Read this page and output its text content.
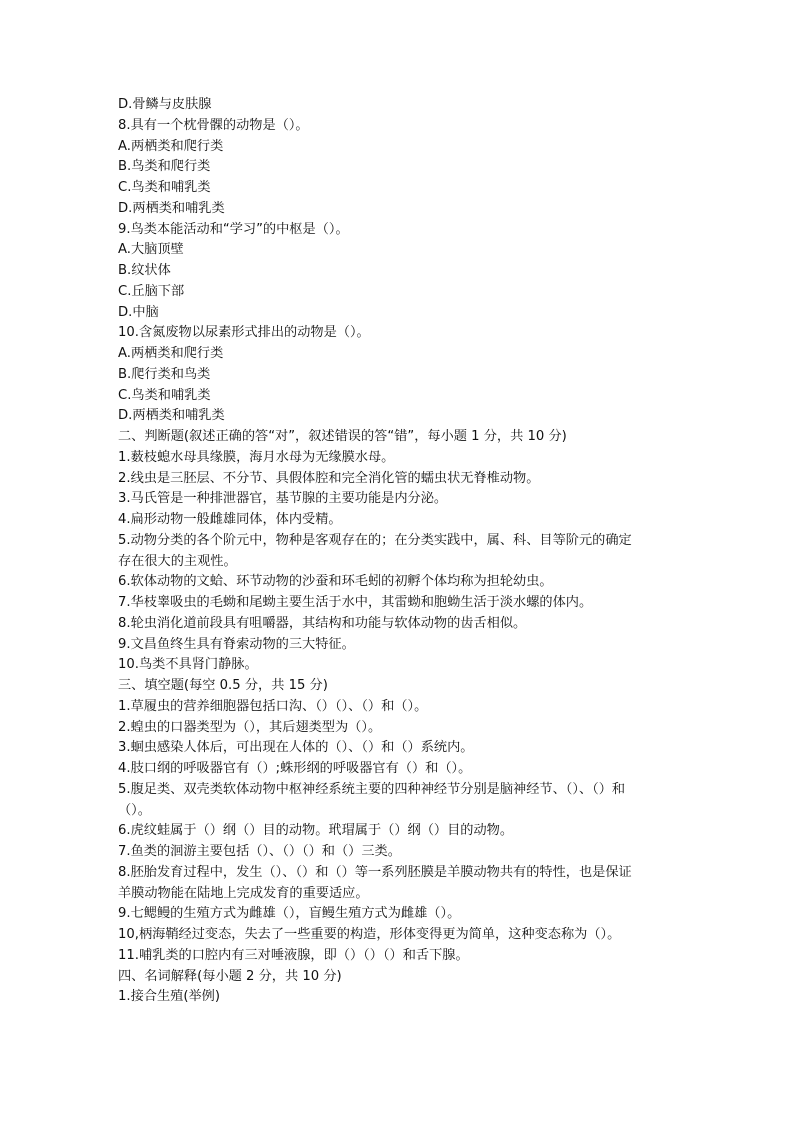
D.骨鳞与皮肤腺

8.具有一个枕骨髁的动物是（）。

A.两栖类和爬行类

B.鸟类和爬行类

C.鸟类和哺乳类

D.两栖类和哺乳类

9.鸟类本能活动和“学习”的中枢是（）。

A.大脑顶壁

B.纹状体

C.丘脑下部

D.中脑

10.含氮废物以尿素形式排出的动物是（）。

A.两栖类和爬行类

B.爬行类和鸟类

C.鸟类和哺乳类

D.两栖类和哺乳类

二、判断题(叙述正确的答“对”，叙述错误的答“错”，每小题 1 分，共 10 分)

1.薮枝螅水母具缘膜，海月水母为无缘膜水母。

2.线虫是三胚层、不分节、具假体腔和完全消化管的蠕虫状无脊椎动物。

3.马氏管是一种排泄器官，基节腺的主要功能是内分泌。

4.扁形动物一般雌雄同体，体内受精。

5.动物分类的各个阶元中，物种是客观存在的；在分类实践中，属、科、目等阶元的确定

存在很大的主观性。

6.软体动物的文蛤、环节动物的沙蚕和环毛蚓的初孵个体均称为担轮幼虫。

7.华枝睾吸虫的毛蚴和尾蚴主要生活于水中，其雷蚴和胞蚴生活于淡水螺的体内。

8.轮虫消化道前段具有咀嚼器，其结构和功能与软体动物的齿舌相似。

9.文昌鱼终生具有脊索动物的三大特征。

10.鸟类不具肾门静脉。

三、填空题(每空 0.5 分，共 15 分)

1.草履虫的营养细胞器包括口沟、（）（）、（）和（）。

2.蝗虫的口器类型为（），其后翅类型为（）。

3.蛔虫感染人体后，可出现在人体的（）、（）和（）系统内。

4.肢口纲的呼吸器官有（）;蛛形纲的呼吸器官有（）和（）。

5.腹足类、双壳类软体动物中枢神经系统主要的四种神经节分别是脑神经节、（）、（）和

（）。

6.虎纹蛙属于（）纲（）目的动物。玳瑁属于（）纲（）目的动物。

7.鱼类的洄游主要包括（）、（）（）和（）三类。

8.胚胎发育过程中，发生（）、（）和（）等一系列胚膜是羊膜动物共有的特性，也是保证

羊膜动物能在陆地上完成发育的重要适应。

9.七鳃鳗的生殖方式为雌雄（），盲鳗生殖方式为雌雄（）。

10,柄海鞘经过变态，失去了一些重要的构造，形体变得更为简单，这种变态称为（）。

11.哺乳类的口腔内有三对唾液腺，即（）（）（）和舌下腺。

四、名词解释(每小题 2 分，共 10 分)

1.接合生殖(举例)
